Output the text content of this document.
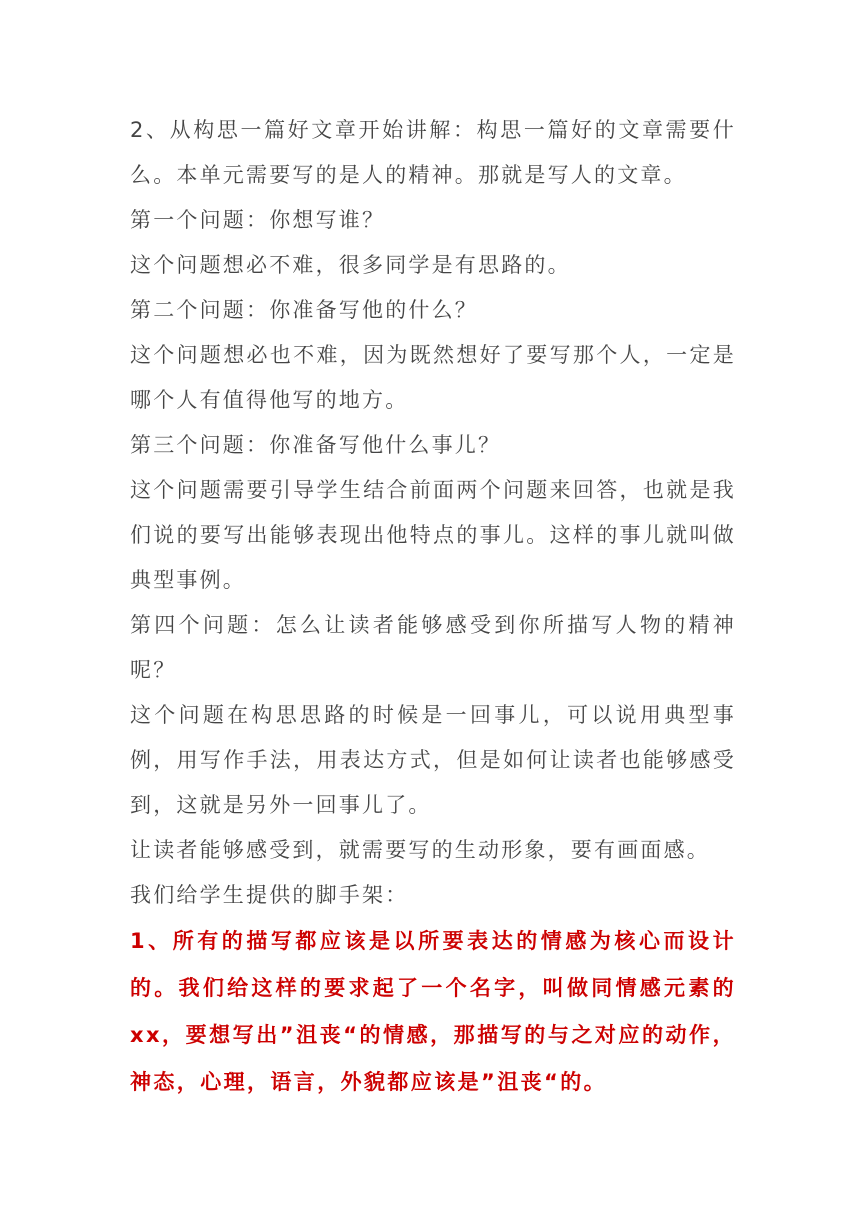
2、从构思一篇好文章开始讲解：构思一篇好的文章需要什么。本单元需要写的是人的精神。那就是写人的文章。

第一个问题：你想写谁？

这个问题想必不难，很多同学是有思路的。

第二个问题：你准备写他的什么？

这个问题想必也不难，因为既然想好了要写那个人，一定是哪个人有值得他写的地方。

第三个问题：你准备写他什么事儿？

这个问题需要引导学生结合前面两个问题来回答，也就是我们说的要写出能够表现出他特点的事儿。这样的事儿就叫做典型事例。

第四个问题：怎么让读者能够感受到你所描写人物的精神呢？

这个问题在构思思路的时候是一回事儿，可以说用典型事例，用写作手法，用表达方式，但是如何让读者也能够感受到，这就是另外一回事儿了。

让读者能够感受到，就需要写的生动形象，要有画面感。

我们给学生提供的脚手架：

1、所有的描写都应该是以所要表达的情感为核心而设计的。我们给这样的要求起了一个名字，叫做同情感元素的xx，要想写出”沮丧“的情感，那描写的与之对应的动作，神态，心理，语言，外貌都应该是”沮丧“的。
